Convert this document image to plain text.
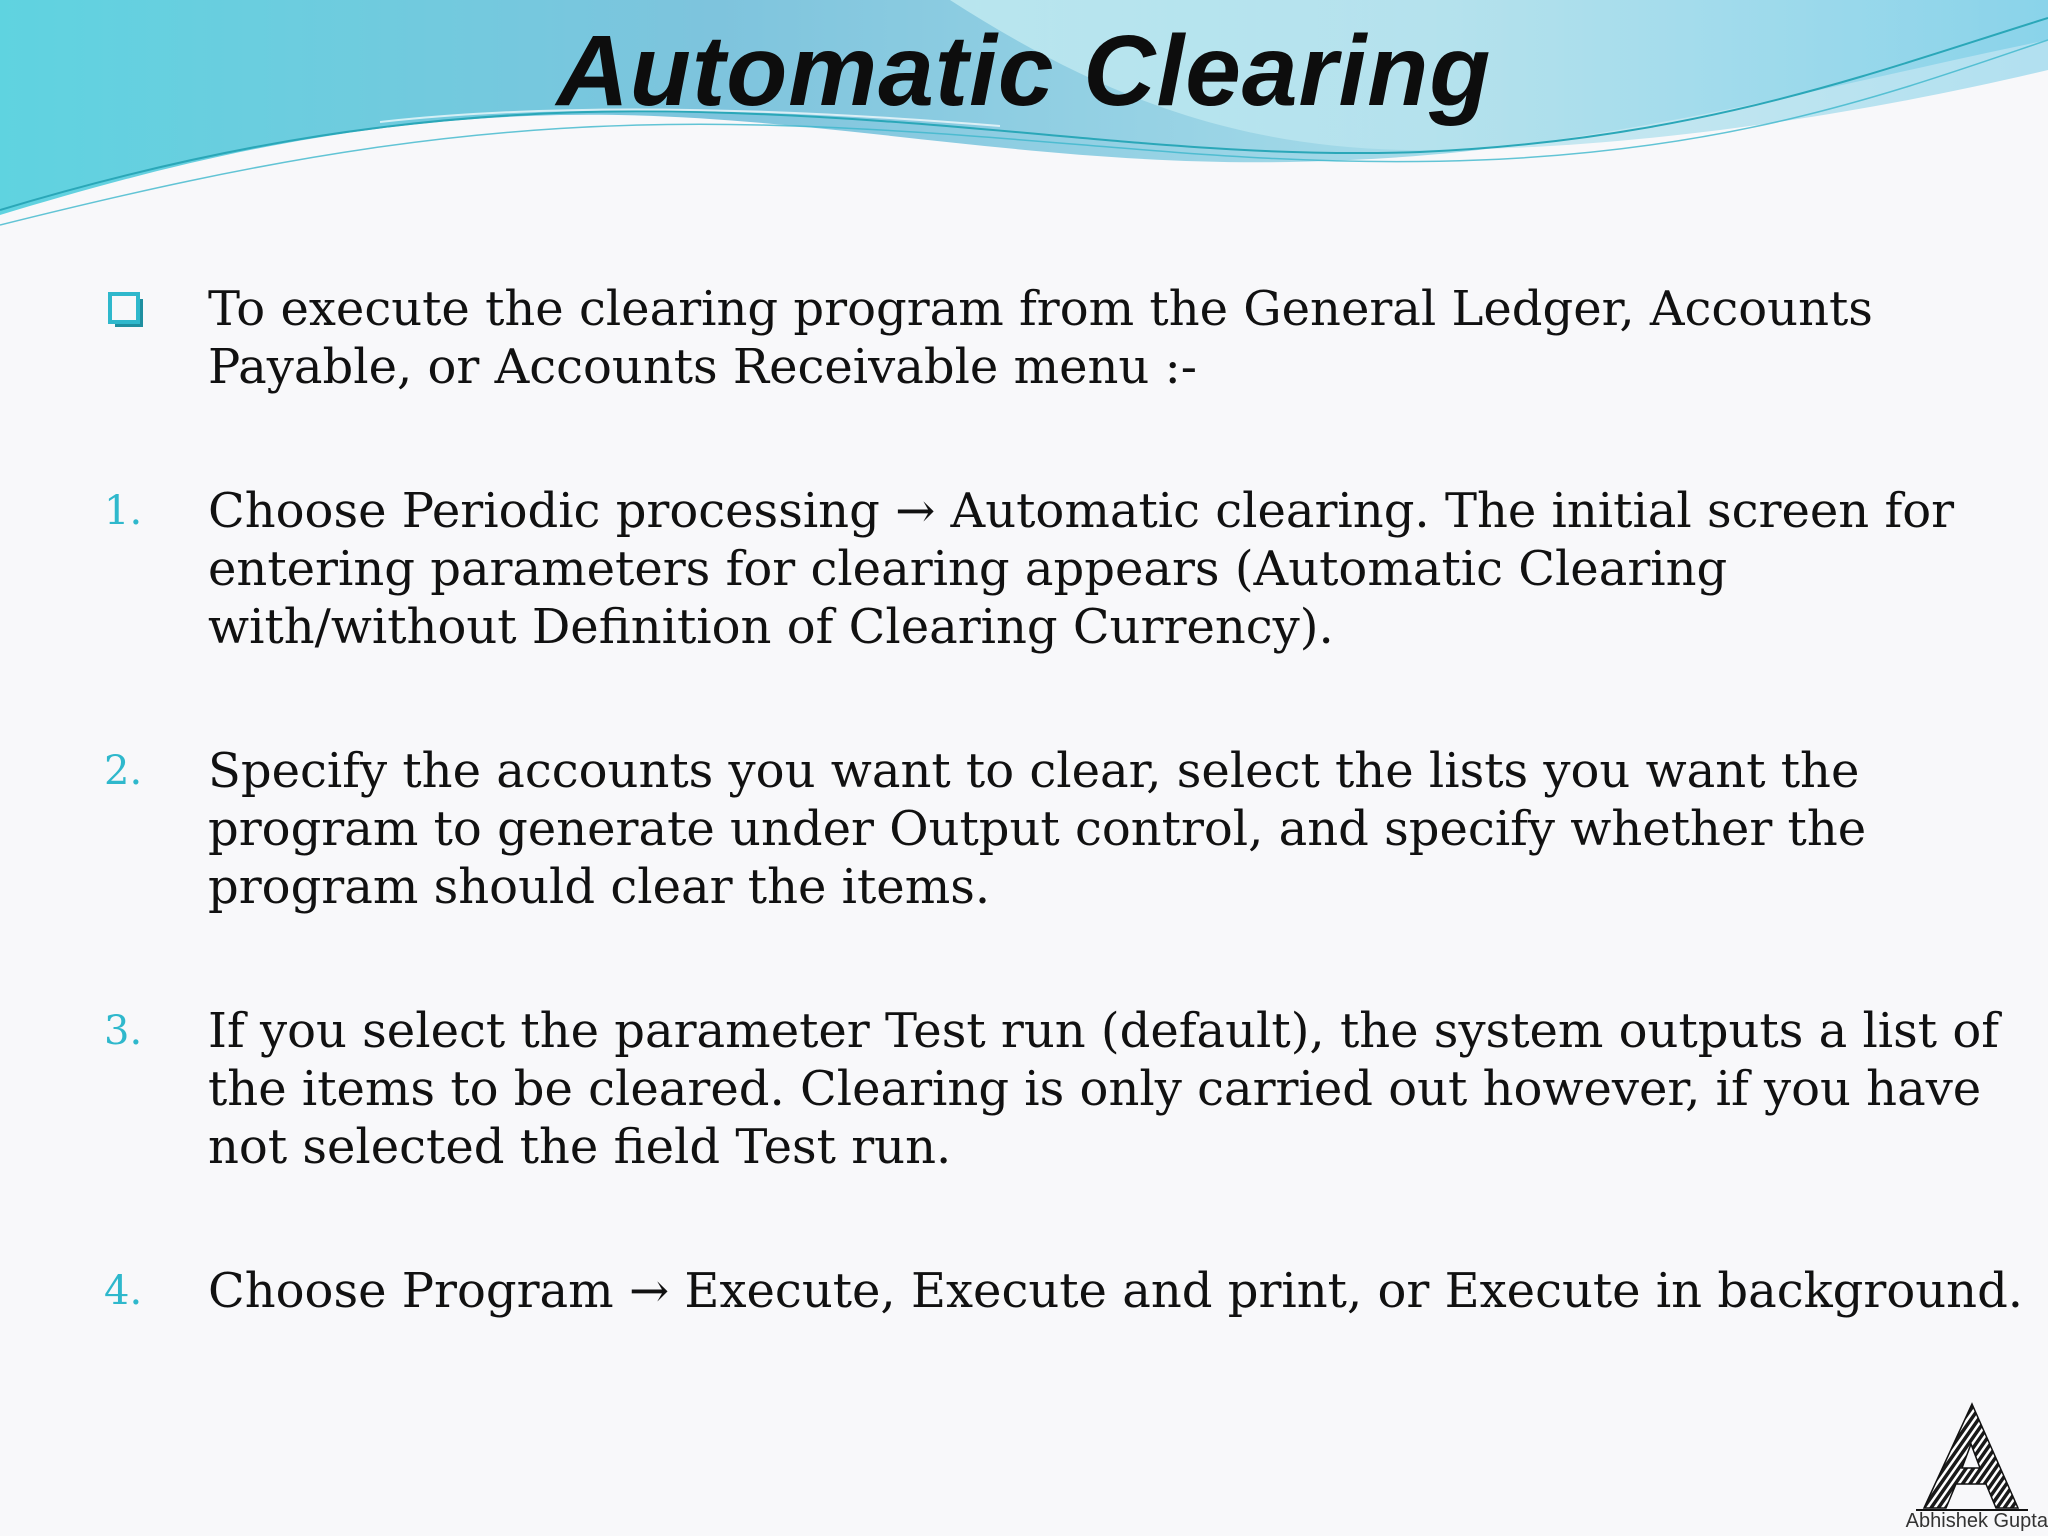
Automatic Clearing
To execute the clearing program from the General Ledger, Accounts
Payable, or Accounts Receivable menu :-
1. Choose Periodic processing → Automatic clearing. The initial screen for
entering parameters for clearing appears (Automatic Clearing
with/without Definition of Clearing Currency).
2. Specify the accounts you want to clear, select the lists you want the
program to generate under Output control, and specify whether the
program should clear the items.
3. If you select the parameter Test run (default), the system outputs a list of
the items to be cleared. Clearing is only carried out however, if you have
not selected the field Test run.
4. Choose Program → Execute, Execute and print, or Execute in background.
Abhishek Gupta
